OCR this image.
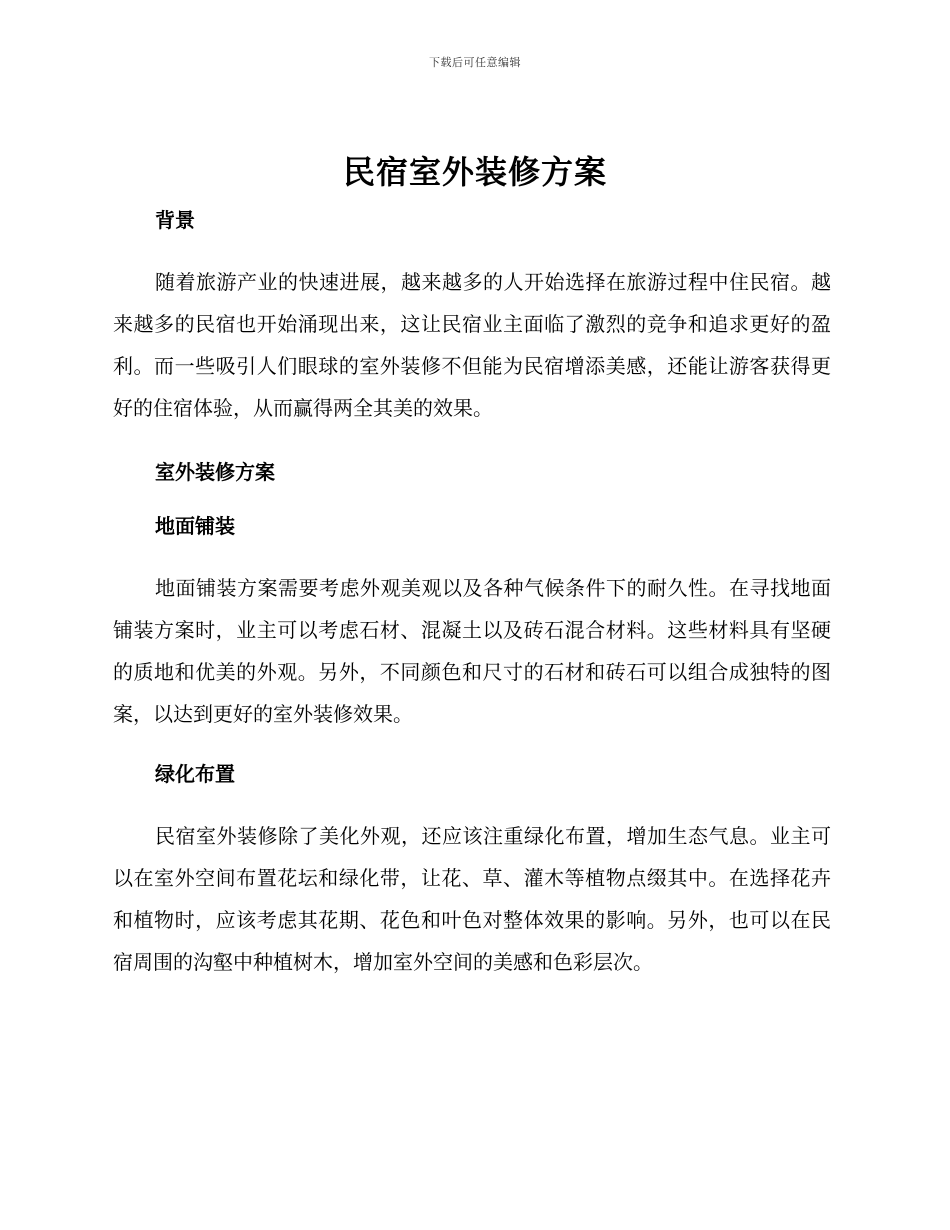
下载后可任意编辑
民宿室外装修方案
背景

随着旅游产业的快速进展，越来越多的人开始选择在旅游过程中住民宿。越来越多的民宿也开始涌现出来，这让民宿业主面临了激烈的竞争和追求更好的盈利。而一些吸引人们眼球的室外装修不但能为民宿增添美感，还能让游客获得更好的住宿体验，从而赢得两全其美的效果。

室外装修方案
地面铺装

地面铺装方案需要考虑外观美观以及各种气候条件下的耐久性。在寻找地面铺装方案时，业主可以考虑石材、混凝土以及砖石混合材料。这些材料具有坚硬的质地和优美的外观。另外，不同颜色和尺寸的石材和砖石可以组合成独特的图案，以达到更好的室外装修效果。

绿化布置

民宿室外装修除了美化外观，还应该注重绿化布置，增加生态气息。业主可以在室外空间布置花坛和绿化带，让花、草、灌木等植物点缀其中。在选择花卉和植物时，应该考虑其花期、花色和叶色对整体效果的影响。另外，也可以在民宿周围的沟壑中种植树木，增加室外空间的美感和色彩层次。
